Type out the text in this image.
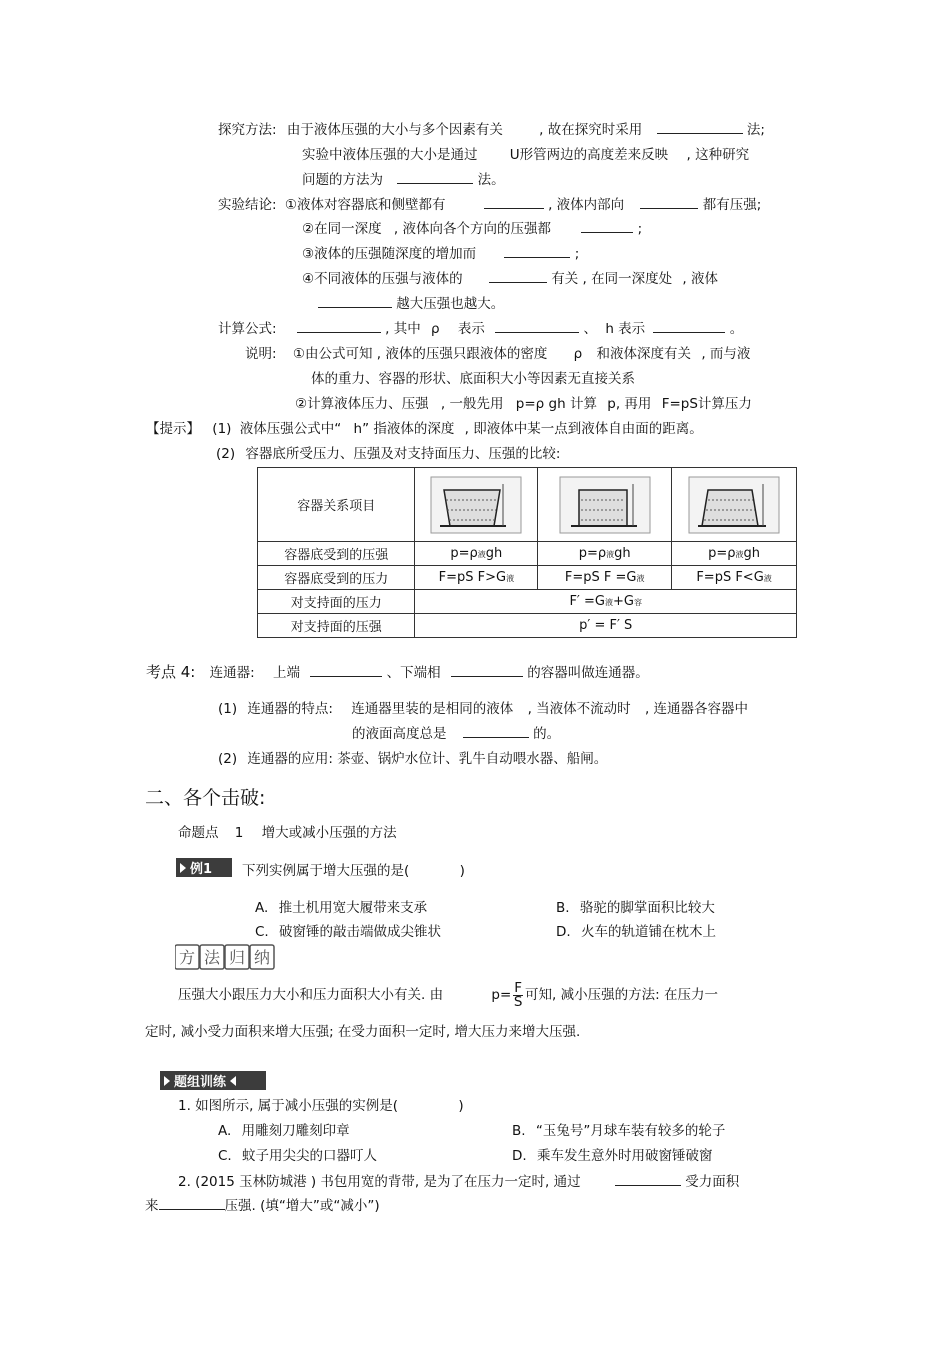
探究方法: 由于液体压强的大小与多个因素有关	, 故在探究时采用	法;
实验中液体压强的大小是通过 U形管两边的高度差来反映 , 这种研究
问题的方法为	法。
实验结论: ①液体对容器底和侧壁都有	, 液体内部向	都有压强;
②在同一深度 , 液体向各个方向的压强都	;
③液体的压强随深度的增加而	;
④不同液体的压强与液体的	有关 , 在同一深度处 , 液体
越大压强也越大。
计算公式:	, 其中 ρ 表示	、 h 表示	。
说明: ①由公式可知 , 液体的压强只跟液体的密度 ρ 和液体深度有关 , 而与液
体的重力、容器的形状、底面积大小等因素无直接关系
②计算液体压力、压强 , 一般先用 p=ρ gh 计算 p, 再用 F=pS计算压力
【提示】 (1) 液体压强公式中“ h” 指液体的深度 , 即液体中某一点到液体自由面的距离。
(2) 容器底所受压力、压强及对支持面压力、压强的比较:
容器关系项目	

容器底受到的压强	p=ρ液gh	p=ρ液gh	p=ρ液gh
容器底受到的压力	F=pS F>G液	F=pS F =G液	F=pS F<G液
对支持面的压力	F′ =G液+G容		
对支持面的压强	p′ = F′ S		
考点 4: 连通器: 上端	、下端相	的容器叫做连通器。
(1) 连通器的特点: 连通器里装的是相同的液体 , 当液体不流动时 , 连通器各容器中
的液面高度总是	的。
(2) 连通器的应用: 茶壶、锅炉水位计、乳牛自动喂水器、船闸。
二、各个击破:
命题点 1 增大或减小压强的方法
例1 下列实例属于增大压强的是(	)
A. 推土机用宽大履带来支承	B. 骆驼的脚掌面积比较大
C. 破窗锤的敲击端做成尖锥状	D. 火车的轨道铺在枕木上
方 法 归 纳
压强大小跟压力大小和压力面积大小有关. 由	$p= \frac{F}{S}$ 可知, 减小压强的方法: 在压力一
定时, 减小受力面积来增大压强; 在受力面积一定时, 增大压力来增大压强.
题组训练
1. 如图所示, 属于减小压强的实例是(	)
A. 用雕刻刀雕刻印章	B. “玉兔号”月球车装有较多的轮子
C. 蚊子用尖尖的口器叮人	D. 乘车发生意外时用破窗锤破窗
2. (2015 玉林防城港 ) 书包用宽的背带, 是为了在压力一定时, 通过	受力面积
来	压强. (填“增大”或“减小”)
